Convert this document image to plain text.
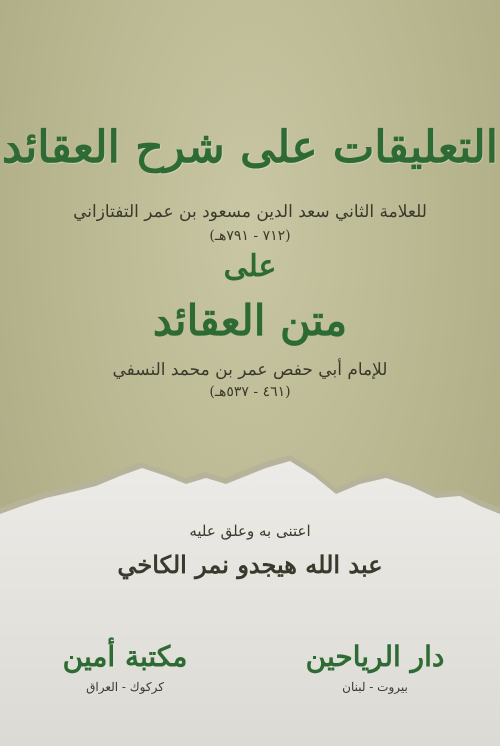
التعليقات على شرح العقائد
للعلامة الثاني سعد الدين مسعود بن عمر التفتازاني
(٧١٢ - ٧٩١هـ)
على
متن العقائد
للإمام أبي حفص عمر بن محمد النسفي
(٤٦١ - ٥٣٧هـ)
اعتنى به وعلق عليه
عبد الله هيجدو نمر الكاخي
دار الرياحين
بيروت - لبنان
مكتبة أمين
كركوك - العراق
